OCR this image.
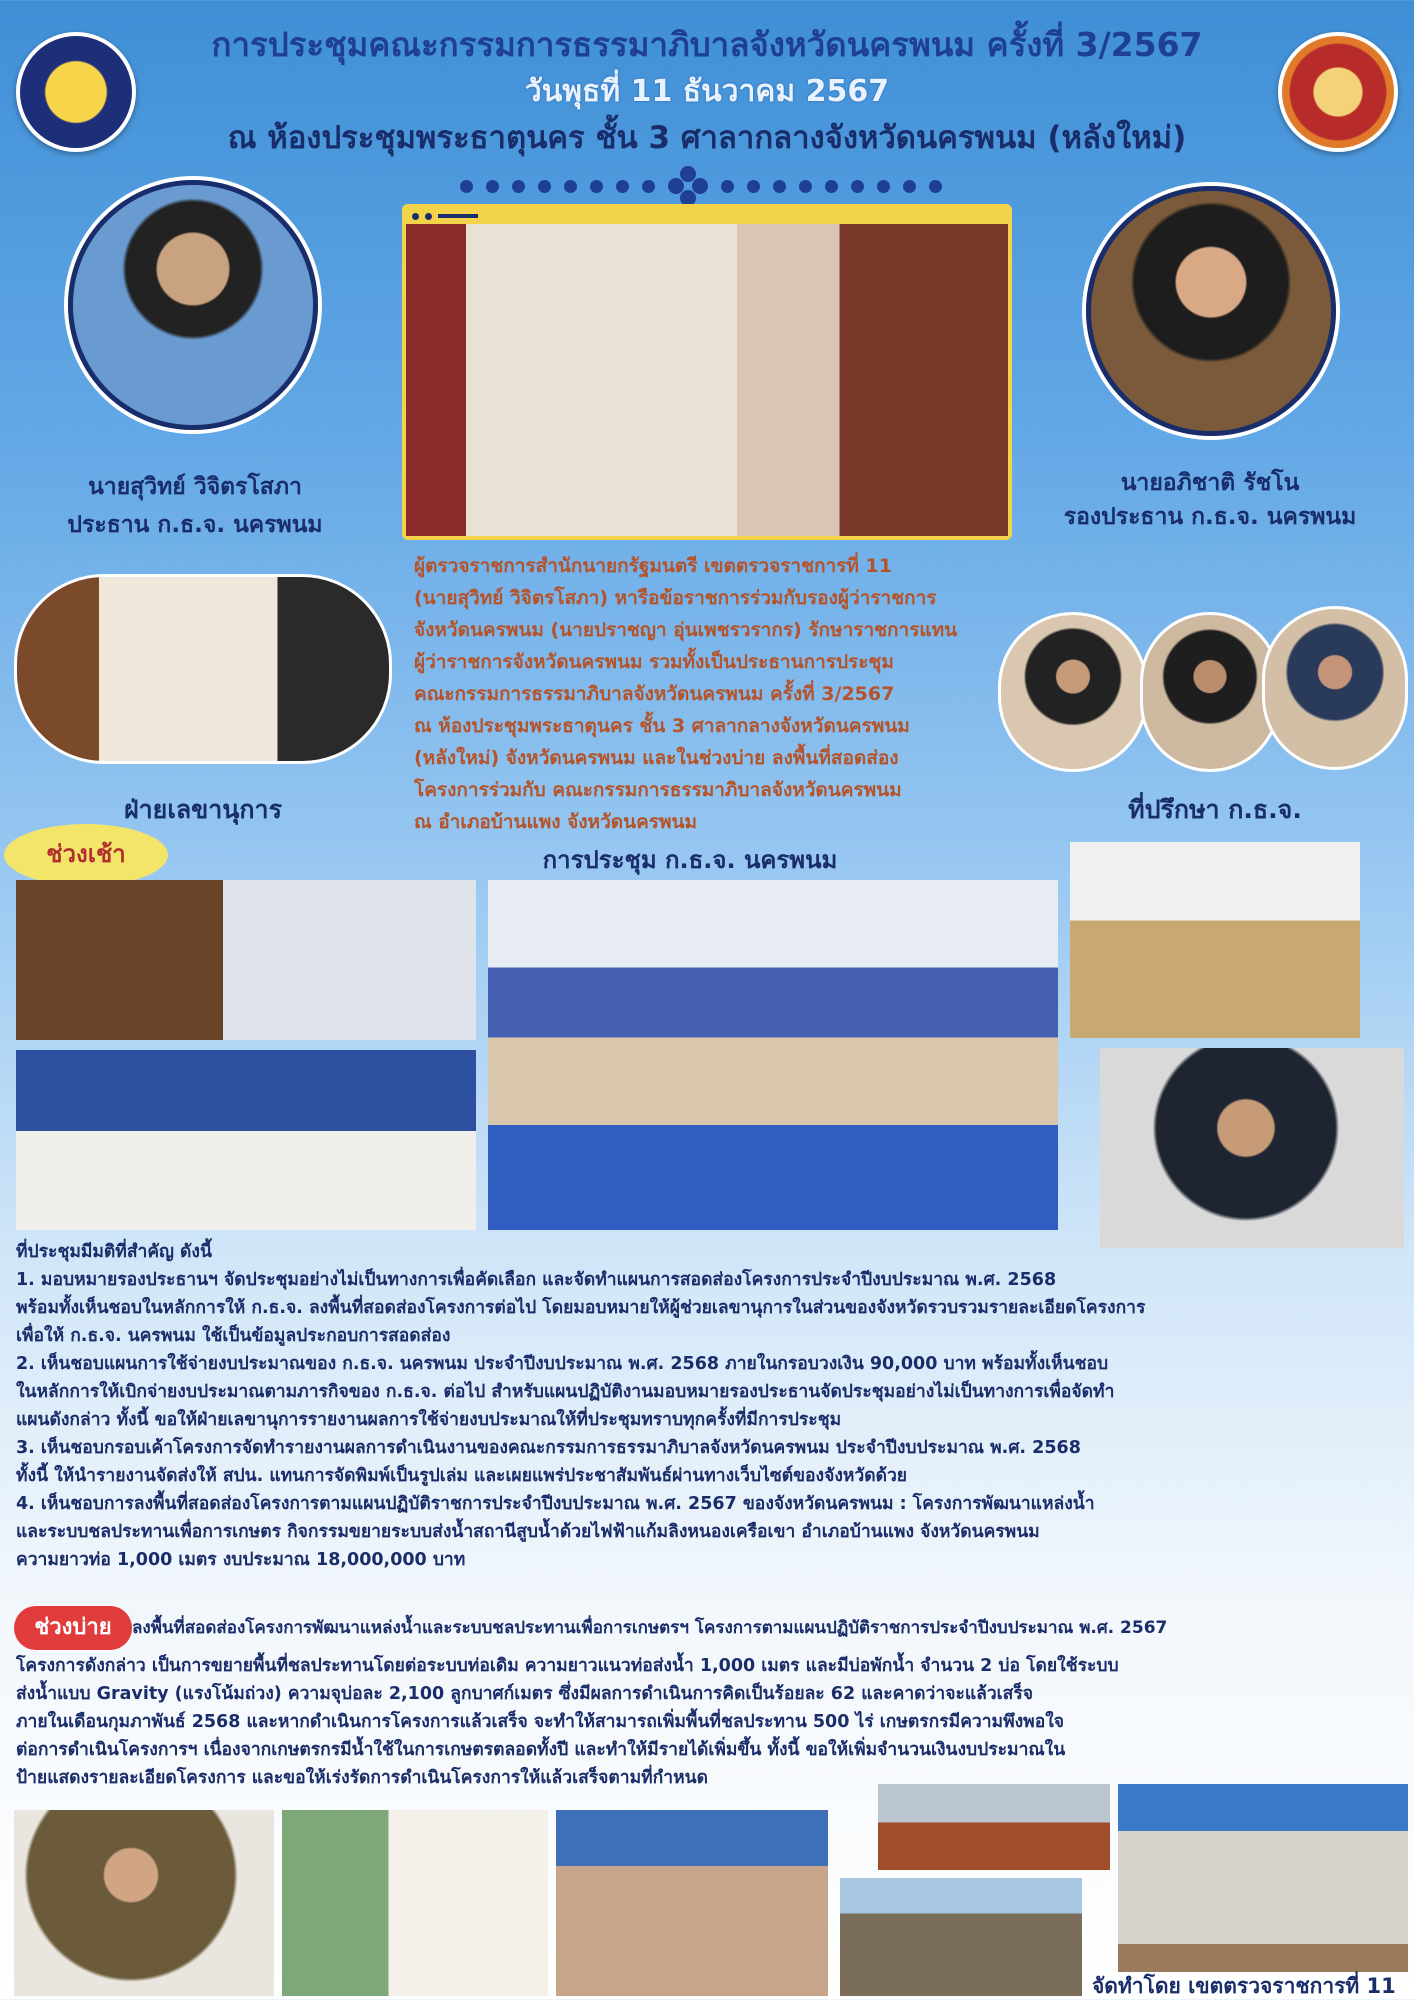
การประชุมคณะกรรมการธรรมาภิบาลจังหวัดนครพนม ครั้งที่ 3/2567
วันพุธที่ 11 ธันวาคม 2567
ณ ห้องประชุมพระธาตุนคร ชั้น 3 ศาลากลางจังหวัดนครพนม (หลังใหม่)
นายสุวิทย์ วิจิตรโสภา
ประธาน ก.ธ.จ. นครพนม
นายอภิชาติ รัชโน
รองประธาน ก.ธ.จ. นครพนม
ฝ่ายเลขานุการ
ผู้ตรวจราชการสำนักนายกรัฐมนตรี เขตตรวจราชการที่ 11
(นายสุวิทย์ วิจิตรโสภา) หารือข้อราชการร่วมกับรองผู้ว่าราชการ
จังหวัดนครพนม (นายปราชญา อุ่นเพชรวรากร) รักษาราชการแทน
ผู้ว่าราชการจังหวัดนครพนม รวมทั้งเป็นประธานการประชุม
คณะกรรมการธรรมาภิบาลจังหวัดนครพนม ครั้งที่ 3/2567
ณ ห้องประชุมพระธาตุนคร ชั้น 3 ศาลากลางจังหวัดนครพนม
(หลังใหม่) จังหวัดนครพนม และในช่วงบ่าย ลงพื้นที่สอดส่อง
โครงการร่วมกับ คณะกรรมการธรรมาภิบาลจังหวัดนครพนม
ณ อำเภอบ้านแพง จังหวัดนครพนม	ที่ปรึกษา ก.ธ.จ.
ช่วงเช้า	การประชุม ก.ธ.จ. นครพนม

ที่ประชุมมีมติที่สำคัญ ดังนี้

1. มอบหมายรองประธานฯ จัดประชุมอย่างไม่เป็นทางการเพื่อคัดเลือก และจัดทำแผนการสอดส่องโครงการประจำปีงบประมาณ พ.ศ. 2568

พร้อมทั้งเห็นชอบในหลักการให้ ก.ธ.จ. ลงพื้นที่สอดส่องโครงการต่อไป โดยมอบหมายให้ผู้ช่วยเลขานุการในส่วนของจังหวัดรวบรวมรายละเอียดโครงการ

เพื่อให้ ก.ธ.จ. นครพนม ใช้เป็นข้อมูลประกอบการสอดส่อง

2. เห็นชอบแผนการใช้จ่ายงบประมาณของ ก.ธ.จ. นครพนม ประจำปีงบประมาณ พ.ศ. 2568 ภายในกรอบวงเงิน 90,000 บาท พร้อมทั้งเห็นชอบ

ในหลักการให้เบิกจ่ายงบประมาณตามภารกิจของ ก.ธ.จ. ต่อไป สำหรับแผนปฏิบัติงานมอบหมายรองประธานจัดประชุมอย่างไม่เป็นทางการเพื่อจัดทำ

แผนดังกล่าว ทั้งนี้ ขอให้ฝ่ายเลขานุการรายงานผลการใช้จ่ายงบประมาณให้ที่ประชุมทราบทุกครั้งที่มีการประชุม

3. เห็นชอบกรอบเค้าโครงการจัดทำรายงานผลการดำเนินงานของคณะกรรมการธรรมาภิบาลจังหวัดนครพนม ประจำปีงบประมาณ พ.ศ. 2568

ทั้งนี้ ให้นำรายงานจัดส่งให้ สปน. แทนการจัดพิมพ์เป็นรูปเล่ม และเผยแพร่ประชาสัมพันธ์ผ่านทางเว็บไซต์ของจังหวัดด้วย

4. เห็นชอบการลงพื้นที่สอดส่องโครงการตามแผนปฏิบัติราชการประจำปีงบประมาณ พ.ศ. 2567 ของจังหวัดนครพนม : โครงการพัฒนาแหล่งน้ำ

และระบบชลประทานเพื่อการเกษตร กิจกรรมขยายระบบส่งน้ำสถานีสูบน้ำด้วยไฟฟ้าแก้มลิงหนองเครือเขา อำเภอบ้านแพง จังหวัดนครพนม

ความยาวท่อ 1,000 เมตร งบประมาณ 18,000,000 บาท

ช่วงบ่าย	ลงพื้นที่สอดส่องโครงการพัฒนาแหล่งน้ำและระบบชลประทานเพื่อการเกษตรฯ โครงการตามแผนปฏิบัติราชการประจำปีงบประมาณ พ.ศ. 2567

โครงการดังกล่าว เป็นการขยายพื้นที่ชลประทานโดยต่อระบบท่อเดิม ความยาวแนวท่อส่งน้ำ 1,000 เมตร และมีบ่อพักน้ำ จำนวน 2 บ่อ โดยใช้ระบบ

ส่งน้ำแบบ Gravity (แรงโน้มถ่วง) ความจุบ่อละ 2,100 ลูกบาศก์เมตร ซึ่งมีผลการดำเนินการคิดเป็นร้อยละ 62 และคาดว่าจะแล้วเสร็จ

ภายในเดือนกุมภาพันธ์ 2568 และหากดำเนินการโครงการแล้วเสร็จ จะทำให้สามารถเพิ่มพื้นที่ชลประทาน 500 ไร่ เกษตรกรมีความพึงพอใจ

ต่อการดำเนินโครงการฯ เนื่องจากเกษตรกรมีน้ำใช้ในการเกษตรตลอดทั้งปี และทำให้มีรายได้เพิ่มขึ้น ทั้งนี้ ขอให้เพิ่มจำนวนเงินงบประมาณใน

ป้ายแสดงรายละเอียดโครงการ และขอให้เร่งรัดการดำเนินโครงการให้แล้วเสร็จตามที่กำหนด

จัดทำโดย เขตตรวจราชการที่ 11
